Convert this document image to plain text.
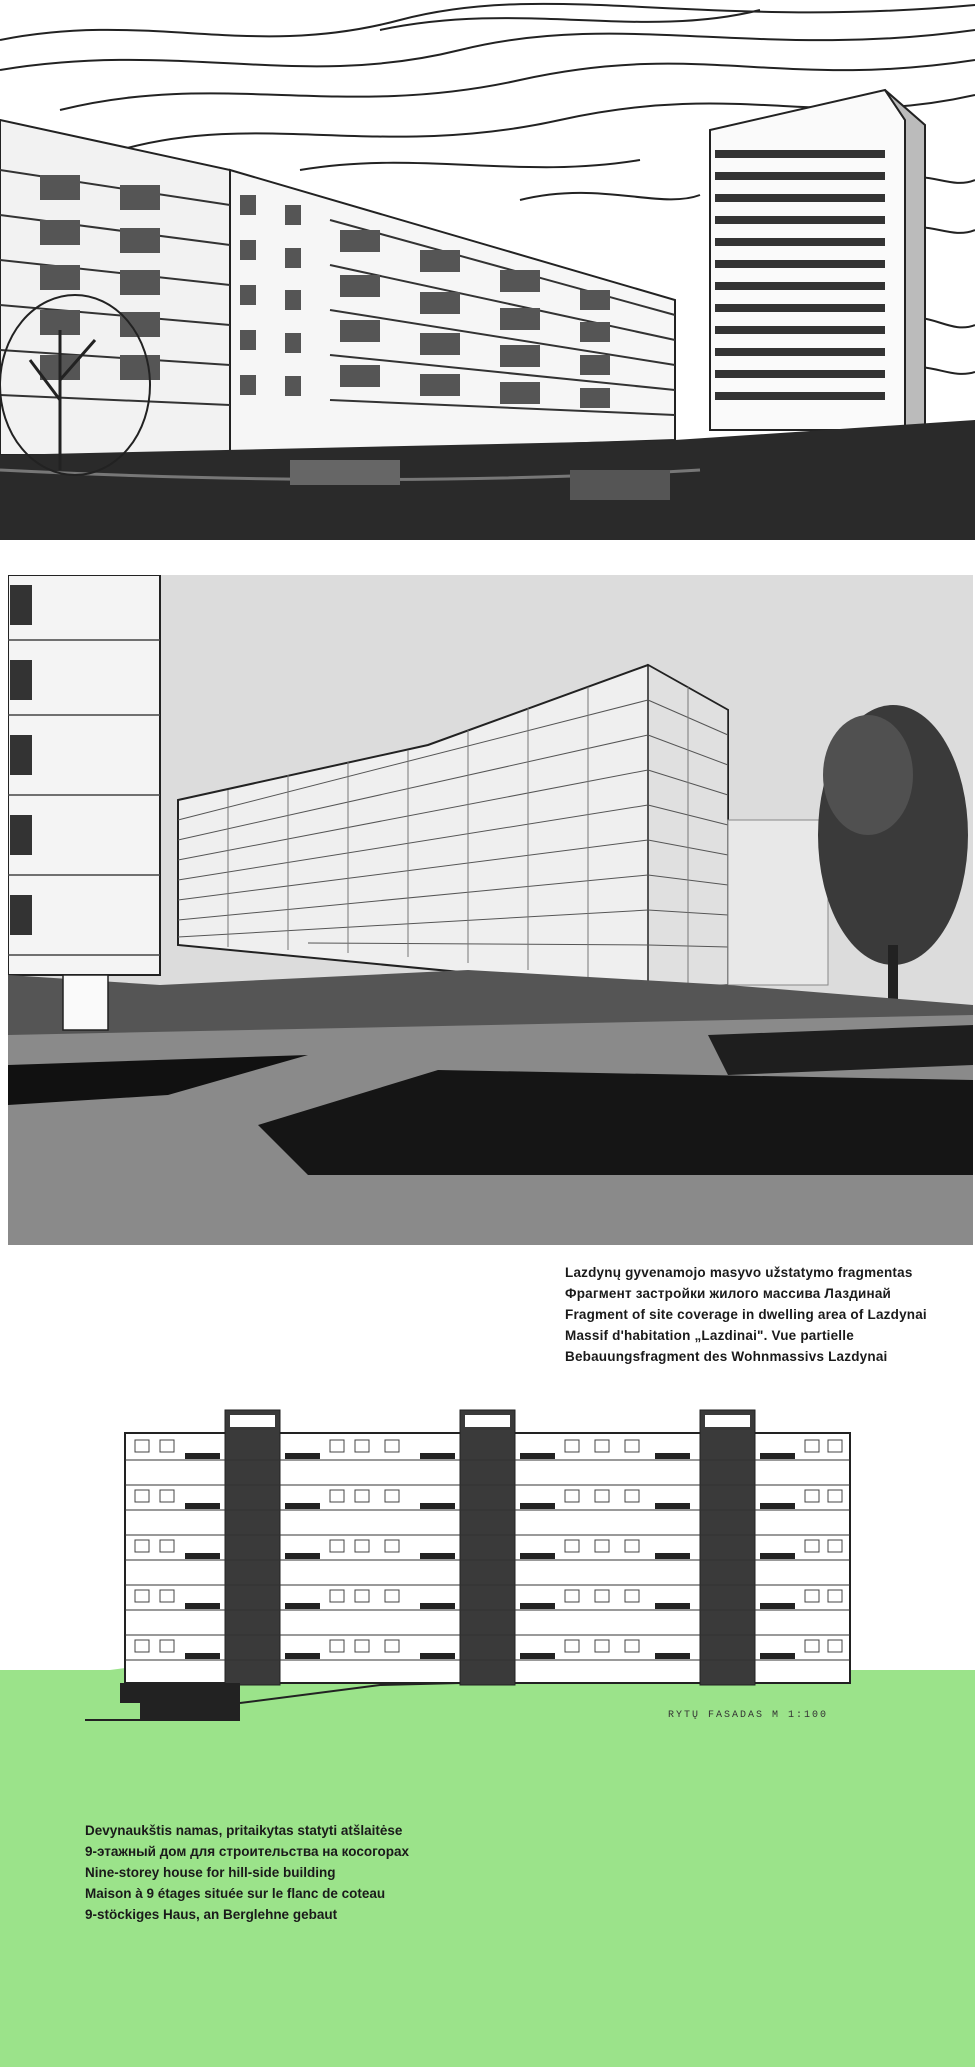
Lazdynų gyvenamojo masyvo užstatymo fragmentas
Фрагмент застройки жилого массива Лаздинай
Fragment of site coverage in dwelling area of Lazdynai
Massif d'habitation „Lazdinai". Vue partielle
Bebauungsfragment des Wohnmassivs Lazdynai
RYTŲ FASADAS M 1:100
Devynaukštis namas, pritaikytas statyti atšlaitėse
9-этажный дом для строительства на косогорах
Nine-storey house for hill-side building
Maison à 9 étages située sur le flanc de coteau
9-stöckiges Haus, an Berglehne gebaut
